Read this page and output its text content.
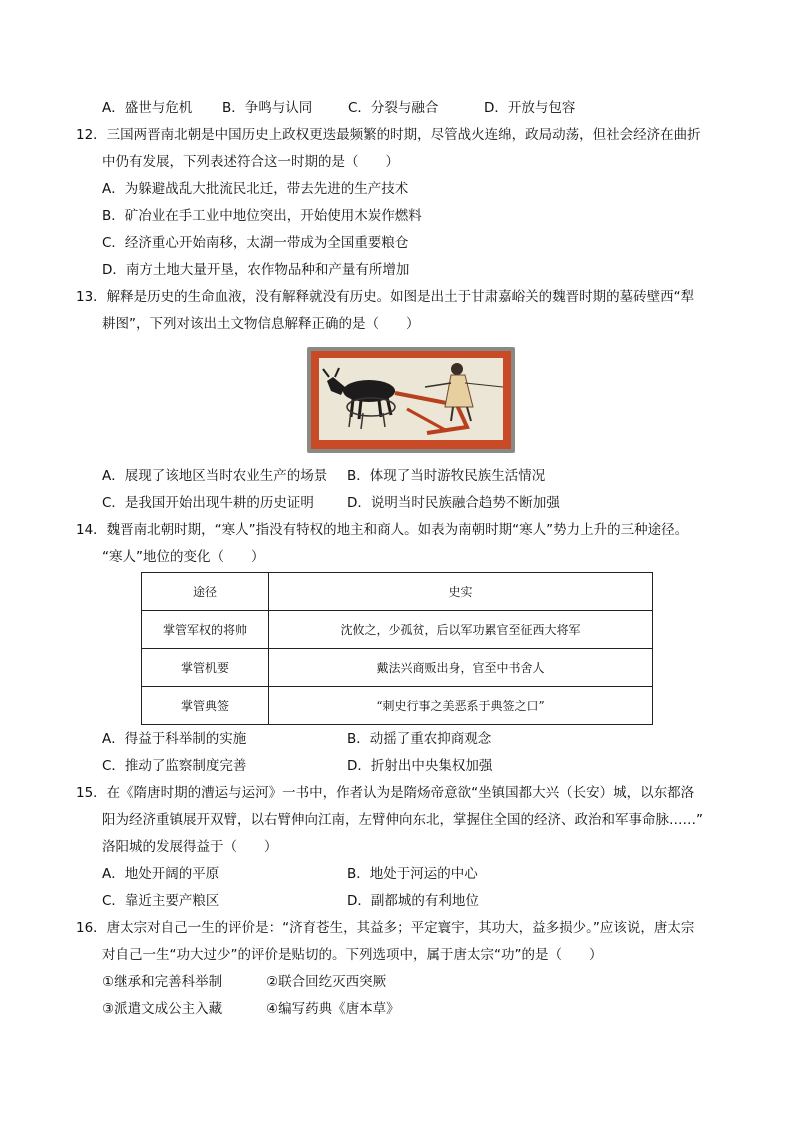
A．盛世与危机 B．争鸣与认同	C．分裂与融合	D．开放与包容
12．三国两晋南北朝是中国历史上政权更迭最频繁的时期，尽管战火连绵，政局动荡，但社会经济在曲折
中仍有发展，下列表述符合这一时期的是（　　）
A．为躲避战乱大批流民北迁，带去先进的生产技术
B．矿冶业在手工业中地位突出，开始使用木炭作燃料
C．经济重心开始南移，太湖一带成为全国重要粮仓
D．南方土地大量开垦，农作物品种和产量有所增加
13．解释是历史的生命血液，没有解释就没有历史。如图是出土于甘肃嘉峪关的魏晋时期的墓砖壁西“犁
耕图”，下列对该出土文物信息解释正确的是（　　）
A．展现了该地区当时农业生产的场景 B．体现了当时游牧民族生活情况
C．是我国开始出现牛耕的历史证明 D．说明当时民族融合趋势不断加强
14．魏晋南北朝时期，“寒人”指没有特权的地主和商人。如表为南朝时期“寒人”势力上升的三种途径。
“寒人”地位的变化（　　）
途径	史实
掌管军权的将帅	沈攸之，少孤贫，后以军功累官至征西大将军
掌管机要	戴法兴商贩出身，官至中书舍人
掌管典签	“刺史行事之美恶系于典签之口”
A．得益于科举制的实施	B．动摇了重农抑商观念
C．推动了监察制度完善	D．折射出中央集权加强
15．在《隋唐时期的漕运与运河》一书中，作者认为是隋炀帝意欲“坐镇国都大兴（长安）城，以东都洛
阳为经济重镇展开双臂，以右臂伸向江南，左臂伸向东北，掌握住全国的经济、政治和军事命脉……”
洛阳城的发展得益于（　　）
A．地处开阔的平原	B．地处于河运的中心
C．靠近主要产粮区	D．副都城的有利地位
16．唐太宗对自己一生的评价是：“济育苍生，其益多；平定寰宇，其功大，益多损少。”应该说，唐太宗
对自己一生“功大过少”的评价是贴切的。下列选项中，属于唐太宗“功”的是（　　）
①继承和完善科举制	②联合回纥灭西突厥
③派遣文成公主入藏	④编写药典《唐本草》
